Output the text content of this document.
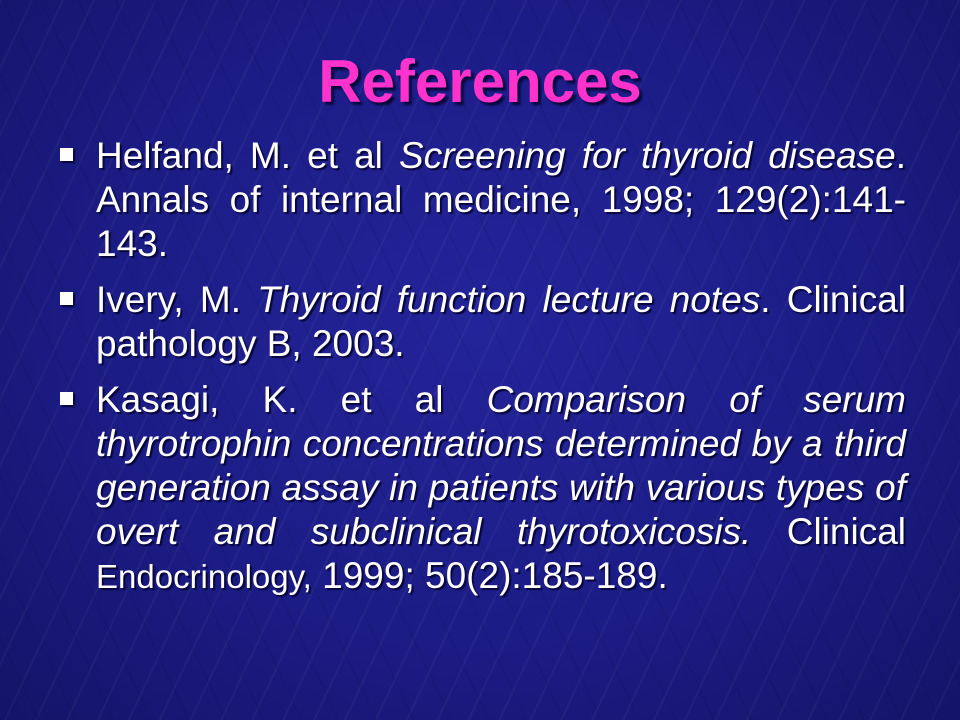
References
Helfand, M. et al Screening for thyroid disease. Annals of internal medicine, 1998; 129(2):141-143.
Ivery, M. Thyroid function lecture notes. Clinical pathology B, 2003.
Kasagi, K. et al Comparison of serum thyrotrophin concentrations determined by a third generation assay in patients with various types of overt and subclinical thyrotoxicosis. Clinical Endocrinology, 1999; 50(2):185-189.
